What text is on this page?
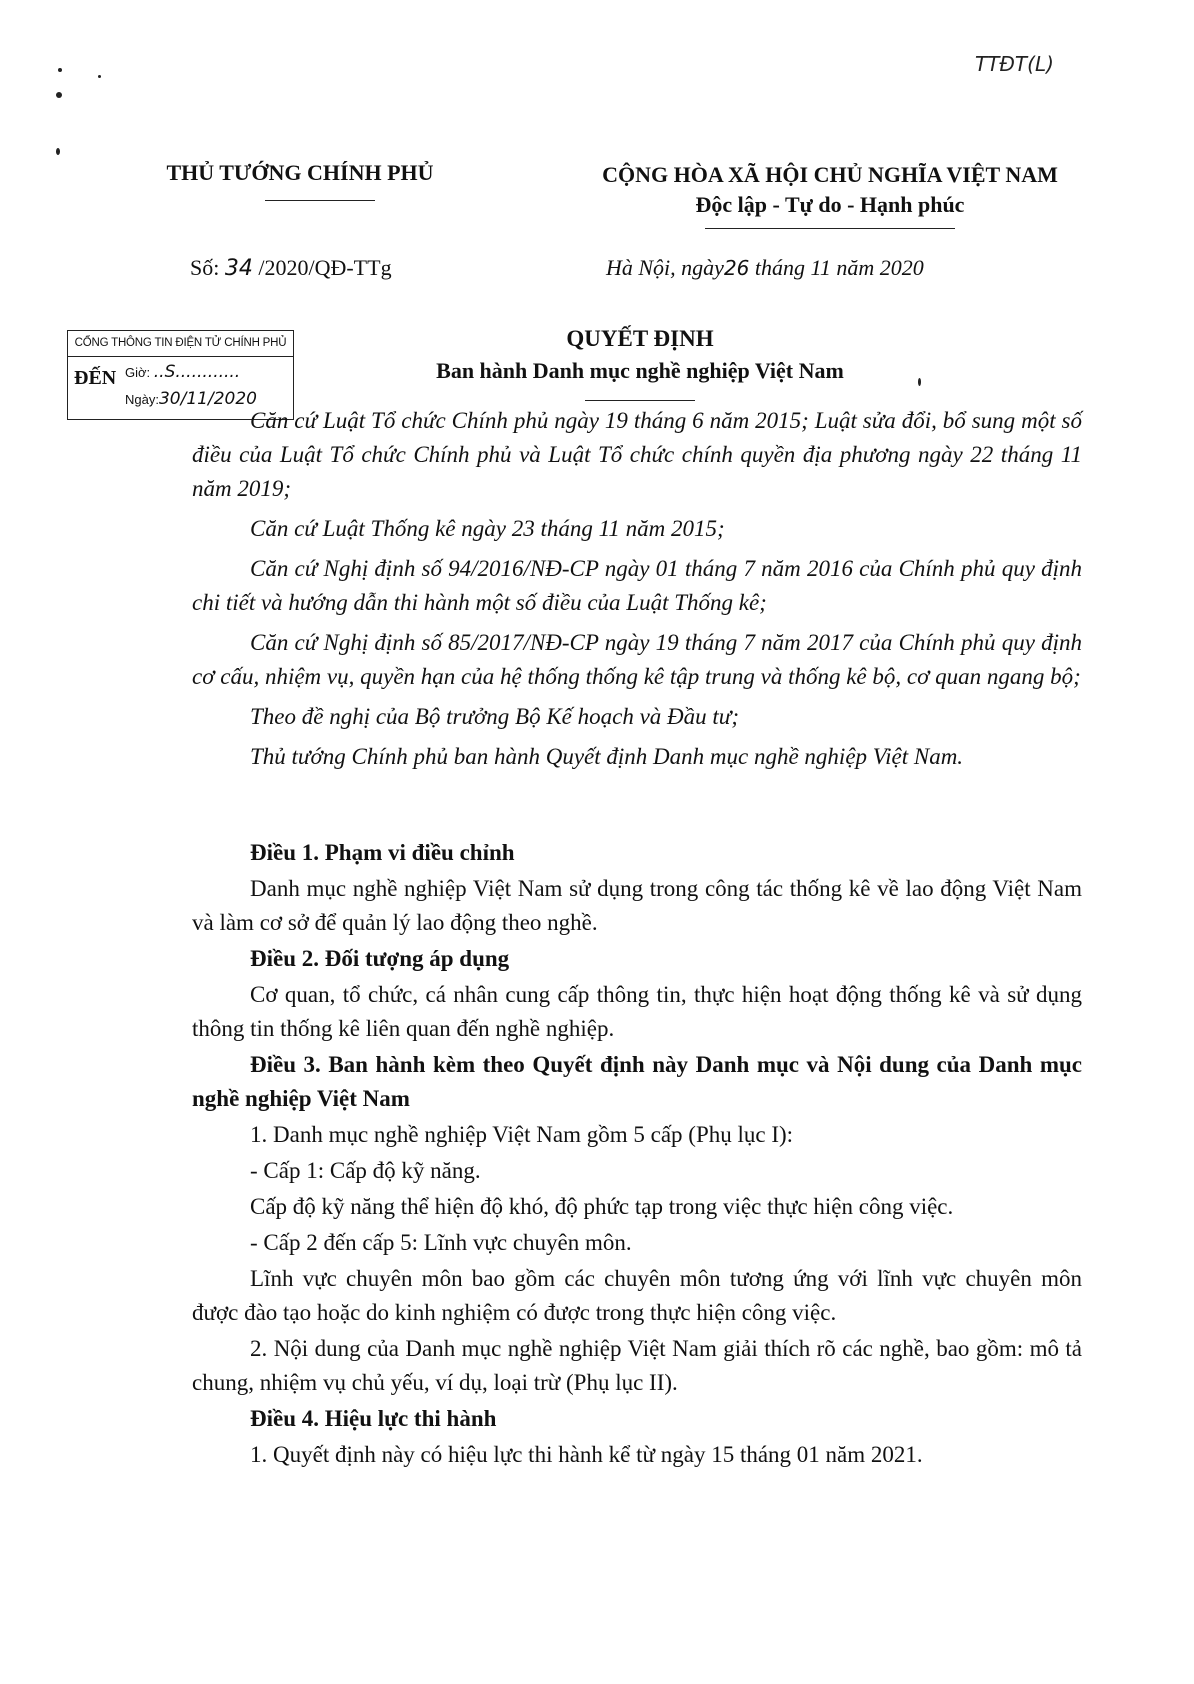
TTĐT(L)
THỦ TƯỚNG CHÍNH PHỦ	CỘNG HÒA XÃ HỘI CHỦ NGHĨA VIỆT NAM
Độc lập - Tự do - Hạnh phúc
Số: 34 /2020/QĐ-TTg	Hà Nội, ngày26 tháng 11 năm 2020
CỔNG THÔNG TIN ĐIỆN TỬ CHÍNH PHỦ
ĐẾN Giờ: ..S............
Ngày:30/11/2020
QUYẾT ĐỊNH
Ban hành Danh mục nghề nghiệp Việt Nam

Căn cứ Luật Tổ chức Chính phủ ngày 19 tháng 6 năm 2015; Luật sửa đổi, bổ sung một số điều của Luật Tổ chức Chính phủ và Luật Tổ chức chính quyền địa phương ngày 22 tháng 11 năm 2019;

Căn cứ Luật Thống kê ngày 23 tháng 11 năm 2015;

Căn cứ Nghị định số 94/2016/NĐ-CP ngày 01 tháng 7 năm 2016 của Chính phủ quy định chi tiết và hướng dẫn thi hành một số điều của Luật Thống kê;

Căn cứ Nghị định số 85/2017/NĐ-CP ngày 19 tháng 7 năm 2017 của Chính phủ quy định cơ cấu, nhiệm vụ, quyền hạn của hệ thống thống kê tập trung và thống kê bộ, cơ quan ngang bộ;

Theo đề nghị của Bộ trưởng Bộ Kế hoạch và Đầu tư;

Thủ tướng Chính phủ ban hành Quyết định Danh mục nghề nghiệp Việt Nam.

Điều 1. Phạm vi điều chỉnh

Danh mục nghề nghiệp Việt Nam sử dụng trong công tác thống kê về lao động Việt Nam và làm cơ sở để quản lý lao động theo nghề.

Điều 2. Đối tượng áp dụng

Cơ quan, tổ chức, cá nhân cung cấp thông tin, thực hiện hoạt động thống kê và sử dụng thông tin thống kê liên quan đến nghề nghiệp.

Điều 3. Ban hành kèm theo Quyết định này Danh mục và Nội dung của Danh mục nghề nghiệp Việt Nam

1. Danh mục nghề nghiệp Việt Nam gồm 5 cấp (Phụ lục I):

- Cấp 1: Cấp độ kỹ năng.

Cấp độ kỹ năng thể hiện độ khó, độ phức tạp trong việc thực hiện công việc.

- Cấp 2 đến cấp 5: Lĩnh vực chuyên môn.

Lĩnh vực chuyên môn bao gồm các chuyên môn tương ứng với lĩnh vực chuyên môn được đào tạo hoặc do kinh nghiệm có được trong thực hiện công việc.

2. Nội dung của Danh mục nghề nghiệp Việt Nam giải thích rõ các nghề, bao gồm: mô tả chung, nhiệm vụ chủ yếu, ví dụ, loại trừ (Phụ lục II).

Điều 4. Hiệu lực thi hành

1. Quyết định này có hiệu lực thi hành kể từ ngày 15 tháng 01 năm 2021.
